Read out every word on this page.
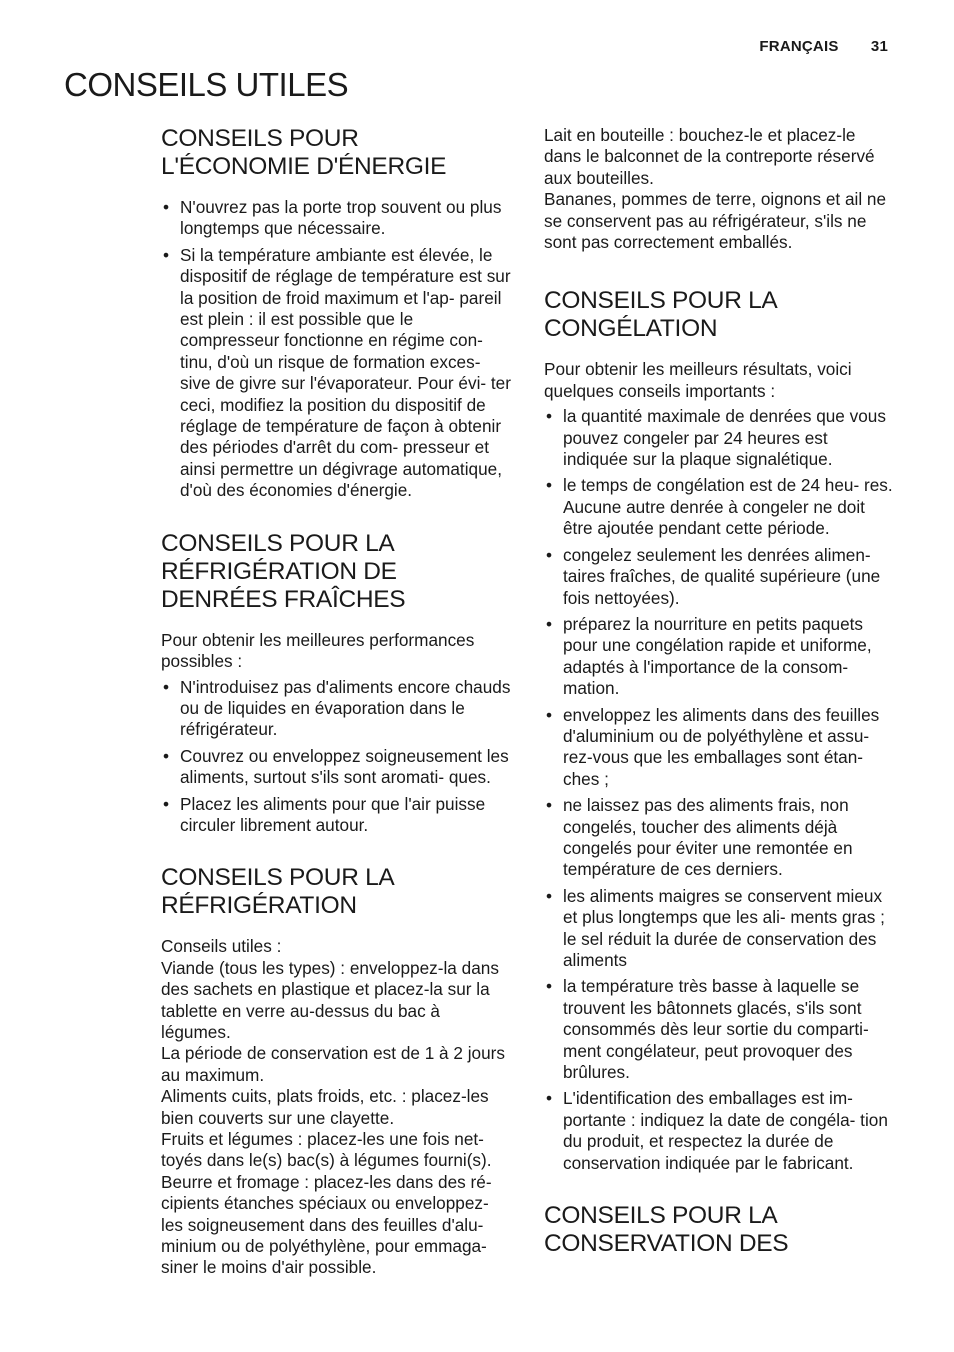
FRANÇAIS 31
CONSEILS UTILES
CONSEILS POUR L'ÉCONOMIE D'ÉNERGIE
• N'ouvrez pas la porte trop souvent ou plus longtemps que nécessaire.
• Si la température ambiante est élevée, le dispositif de réglage de température est sur la position de froid maximum et l'ap- pareil est plein : il est possible que le compresseur fonctionne en régime con- tinu, d'où un risque de formation exces- sive de givre sur l'évaporateur. Pour évi- ter ceci, modifiez la position du dispositif de réglage de température de façon à obtenir des périodes d'arrêt du com- presseur et ainsi permettre un dégivrage automatique, d'où des économies d'énergie.
CONSEILS POUR LA RÉFRIGÉRATION DE DENRÉES FRAÎCHES

Pour obtenir les meilleures performances possibles :

• N'introduisez pas d'aliments encore chauds ou de liquides en évaporation dans le réfrigérateur.
• Couvrez ou enveloppez soigneusement les aliments, surtout s'ils sont aromati- ques.
• Placez les aliments pour que l'air puisse circuler librement autour.
CONSEILS POUR LA RÉFRIGÉRATION

Conseils utiles :

Viande (tous les types) : enveloppez-la dans des sachets en plastique et placez-la sur la tablette en verre au-dessus du bac à légumes.

La période de conservation est de 1 à 2 jours au maximum.

Aliments cuits, plats froids, etc. : placez-les bien couverts sur une clayette.

Fruits et légumes : placez-les une fois net- toyés dans le(s) bac(s) à légumes fourni(s).

Beurre et fromage : placez-les dans des ré- cipients étanches spéciaux ou enveloppez- les soigneusement dans des feuilles d'alu- minium ou de polyéthylène, pour emmaga- siner le moins d'air possible.

Lait en bouteille : bouchez-le et placez-le dans le balconnet de la contreporte réservé aux bouteilles.

Bananes, pommes de terre, oignons et ail ne se conservent pas au réfrigérateur, s'ils ne sont pas correctement emballés.

CONSEILS POUR LA CONGÉLATION

Pour obtenir les meilleurs résultats, voici quelques conseils importants :

• la quantité maximale de denrées que vous pouvez congeler par 24 heures est indiquée sur la plaque signalétique.
• le temps de congélation est de 24 heu- res. Aucune autre denrée à congeler ne doit être ajoutée pendant cette période.
• congelez seulement les denrées alimen- taires fraîches, de qualité supérieure (une fois nettoyées).
• préparez la nourriture en petits paquets pour une congélation rapide et uniforme, adaptés à l'importance de la consom- mation.
• enveloppez les aliments dans des feuilles d'aluminium ou de polyéthylène et assu- rez-vous que les emballages sont étan- ches ;
• ne laissez pas des aliments frais, non congelés, toucher des aliments déjà congelés pour éviter une remontée en température de ces derniers.
• les aliments maigres se conservent mieux et plus longtemps que les ali- ments gras ; le sel réduit la durée de conservation des aliments
• la température très basse à laquelle se trouvent les bâtonnets glacés, s'ils sont consommés dès leur sortie du comparti- ment congélateur, peut provoquer des brûlures.
• L'identification des emballages est im- portante : indiquez la date de congéla- tion du produit, et respectez la durée de conservation indiquée par le fabricant.
CONSEILS POUR LA CONSERVATION DES
